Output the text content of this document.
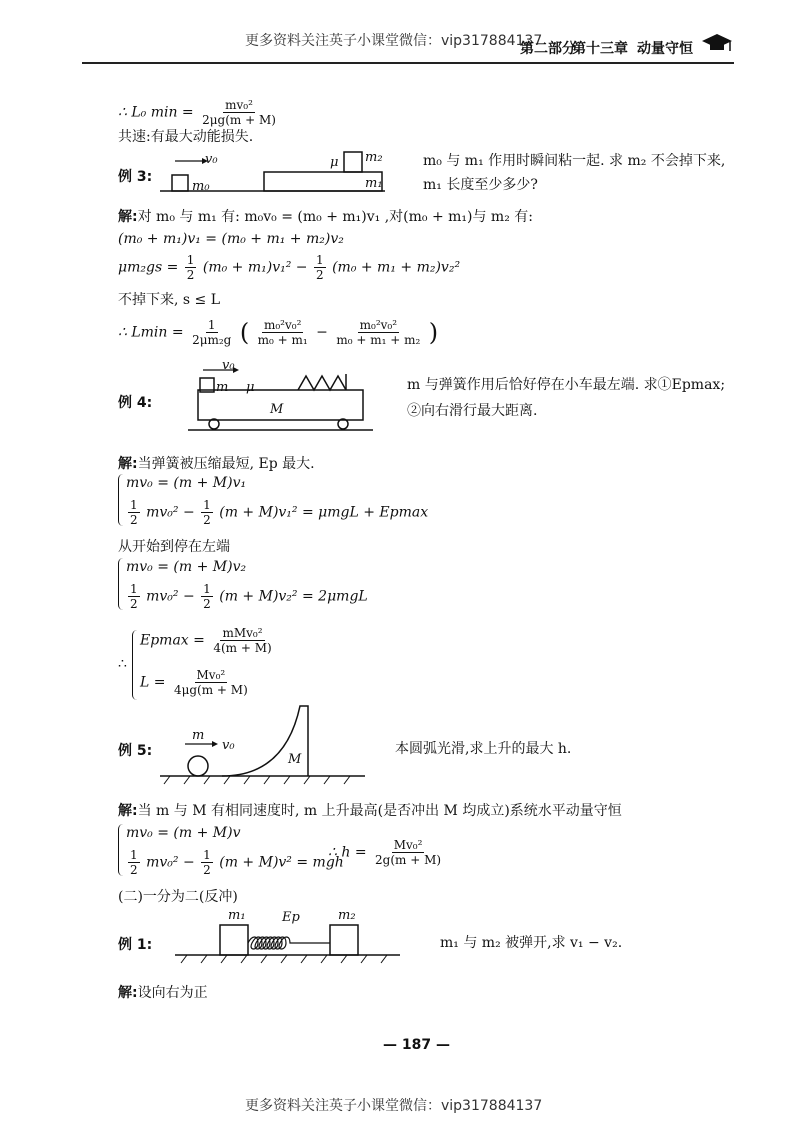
更多资料关注英子小课堂微信：vip317884137
第二部分
第十三章 动量守恒
∴ L₀ $\min = \frac{\text{mv₀²}}{2\mu g(m + M)}$
共速:有最大动能损失.
例 3:
v₀
m₀
μ m₂
m₁
m₀ 与 m₁ 作用时瞬间粘一起. 求 m₂ 不会掉下来,
m₁ 长度至少多少?
解:对 m₀ 与 m₁ 有: m₀v₀ = (m₀ + m₁)v₁ ,对(m₀ + m₁)与 m₂ 有:
(m₀ + m₁)v₁ = (m₀ + m₁ + m₂)v₂
$\mu m_2gs = \frac{1}{2} (m_0 + m_1)v_1^2 - \frac{1}{2} (m_0 + m_1 + m_2)v_2^2$
不掉下来, s ≤ L
∴ $Lmin = \frac{1}{\text{2μm₂g}}$ ( $\frac{\text{m₀²v₀²}}{\text{m₀ + m₁}} - \frac{\text{m₀²v₀²}}{\text{m₀ + m₁ + m₂}}$ )
例 4:
v₀
m μ
M
m 与弹簧作用后恰好停在小车最左端. 求①Epmax;
②向右滑行最大距离.
解:当弹簧被压缩最短, Ep 最大.
mv₀ = (m + M)v₁
$\frac{1}{2} mv_0^2 - \frac{1}{2} (m + M)v_1^2 = \mu mgL + Epmax$
从开始到停在左端
mv₀ = (m + M)v₂
$\frac{1}{2} mv_0^2 - \frac{1}{2} (m + M)v_2^2 = 2\mu mgL$
∴
$Epmax = \frac{\text{mMv₀²}}{4(m + M)}$
$L = \frac{\text{Mv₀²}}{4\mu g(m + M)}$
例 5:
m
v₀
M
本圆弧光滑,求上升的最大 h.
解:当 m 与 M 有相同速度时, m 上升最高(是否冲出 M 均成立)系统水平动量守恒
mv₀ = (m + M)v
$\frac{1}{2} mv_0^2 - \frac{1}{2} (m + M)v^2$ = mgh
∴ $h = \frac{\text{Mv₀²}}{2g(m + M)}$
(二)一分为二(反冲)
例 1:
m₁	Ep	m₂
m₁ 与 m₂ 被弹开,求 v₁ − v₂.
解:设向右为正
— 187 —
更多资料关注英子小课堂微信：vip317884137
